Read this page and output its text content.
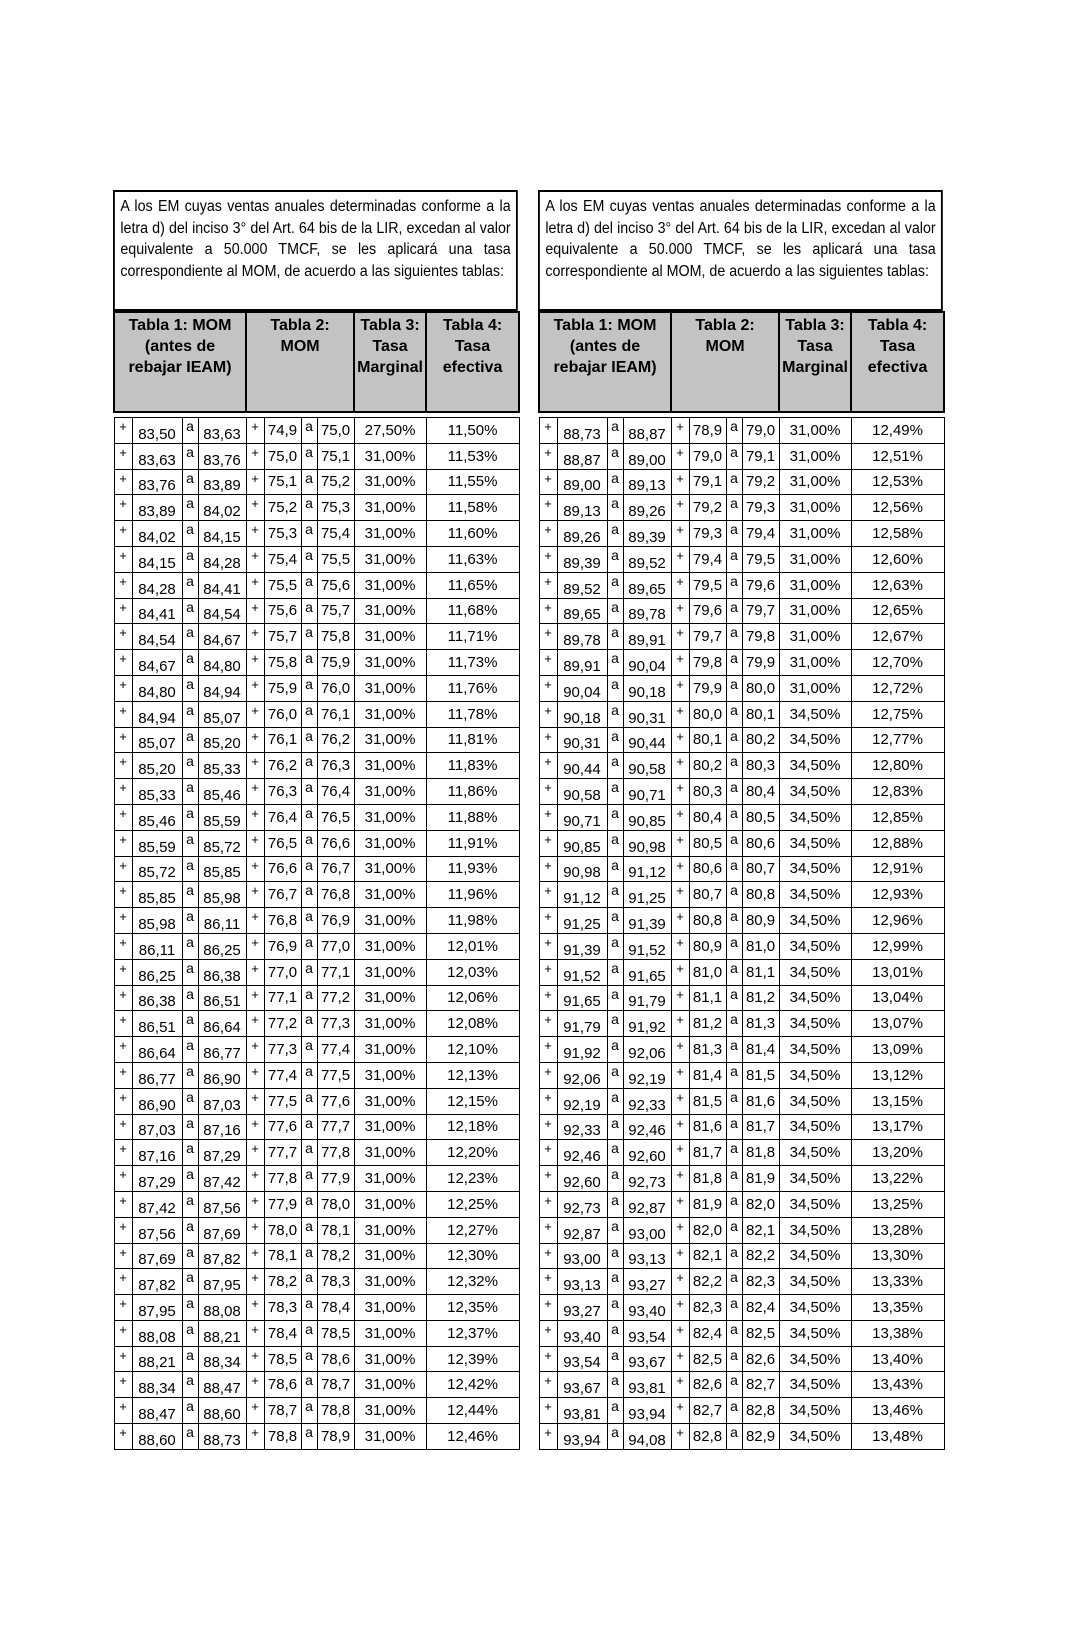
A los EM cuyas ventas anuales determinadas conforme a la letra d) del inciso 3° del Art. 64 bis de la LIR, excedan al valor equivalente a 50.000 TMCF, se les aplicará una tasa correspondiente al MOM, de acuerdo a las siguientes tablas:
Tabla 1: MOM (antes de rebajar IEAM)				Tabla 2: MOM				Tabla 3: Tasa Marginal	Tabla 4: Tasa efectiva

+	83,50	a	83,63	+	74,9	a	75,0	27,50%	11,50%
+	83,63	a	83,76	+	75,0	a	75,1	31,00%	11,53%
+	83,76	a	83,89	+	75,1	a	75,2	31,00%	11,55%
+	83,89	a	84,02	+	75,2	a	75,3	31,00%	11,58%
+	84,02	a	84,15	+	75,3	a	75,4	31,00%	11,60%
+	84,15	a	84,28	+	75,4	a	75,5	31,00%	11,63%
+	84,28	a	84,41	+	75,5	a	75,6	31,00%	11,65%
+	84,41	a	84,54	+	75,6	a	75,7	31,00%	11,68%
+	84,54	a	84,67	+	75,7	a	75,8	31,00%	11,71%
+	84,67	a	84,80	+	75,8	a	75,9	31,00%	11,73%
+	84,80	a	84,94	+	75,9	a	76,0	31,00%	11,76%
+	84,94	a	85,07	+	76,0	a	76,1	31,00%	11,78%
+	85,07	a	85,20	+	76,1	a	76,2	31,00%	11,81%
+	85,20	a	85,33	+	76,2	a	76,3	31,00%	11,83%
+	85,33	a	85,46	+	76,3	a	76,4	31,00%	11,86%
+	85,46	a	85,59	+	76,4	a	76,5	31,00%	11,88%
+	85,59	a	85,72	+	76,5	a	76,6	31,00%	11,91%
+	85,72	a	85,85	+	76,6	a	76,7	31,00%	11,93%
+	85,85	a	85,98	+	76,7	a	76,8	31,00%	11,96%
+	85,98	a	86,11	+	76,8	a	76,9	31,00%	11,98%
+	86,11	a	86,25	+	76,9	a	77,0	31,00%	12,01%
+	86,25	a	86,38	+	77,0	a	77,1	31,00%	12,03%
+	86,38	a	86,51	+	77,1	a	77,2	31,00%	12,06%
+	86,51	a	86,64	+	77,2	a	77,3	31,00%	12,08%
+	86,64	a	86,77	+	77,3	a	77,4	31,00%	12,10%
+	86,77	a	86,90	+	77,4	a	77,5	31,00%	12,13%
+	86,90	a	87,03	+	77,5	a	77,6	31,00%	12,15%
+	87,03	a	87,16	+	77,6	a	77,7	31,00%	12,18%
+	87,16	a	87,29	+	77,7	a	77,8	31,00%	12,20%
+	87,29	a	87,42	+	77,8	a	77,9	31,00%	12,23%
+	87,42	a	87,56	+	77,9	a	78,0	31,00%	12,25%
+	87,56	a	87,69	+	78,0	a	78,1	31,00%	12,27%
+	87,69	a	87,82	+	78,1	a	78,2	31,00%	12,30%
+	87,82	a	87,95	+	78,2	a	78,3	31,00%	12,32%
+	87,95	a	88,08	+	78,3	a	78,4	31,00%	12,35%
+	88,08	a	88,21	+	78,4	a	78,5	31,00%	12,37%
+	88,21	a	88,34	+	78,5	a	78,6	31,00%	12,39%
+	88,34	a	88,47	+	78,6	a	78,7	31,00%	12,42%
+	88,47	a	88,60	+	78,7	a	78,8	31,00%	12,44%
+	88,60	a	88,73	+	78,8	a	78,9	31,00%	12,46%
A los EM cuyas ventas anuales determinadas conforme a la letra d) del inciso 3° del Art. 64 bis de la LIR, excedan al valor equivalente a 50.000 TMCF, se les aplicará una tasa correspondiente al MOM, de acuerdo a las siguientes tablas:
Tabla 1: MOM (antes de rebajar IEAM)				Tabla 2: MOM				Tabla 3: Tasa Marginal	Tabla 4: Tasa efectiva

+	88,73	a	88,87	+	78,9	a	79,0	31,00%	12,49%
+	88,87	a	89,00	+	79,0	a	79,1	31,00%	12,51%
+	89,00	a	89,13	+	79,1	a	79,2	31,00%	12,53%
+	89,13	a	89,26	+	79,2	a	79,3	31,00%	12,56%
+	89,26	a	89,39	+	79,3	a	79,4	31,00%	12,58%
+	89,39	a	89,52	+	79,4	a	79,5	31,00%	12,60%
+	89,52	a	89,65	+	79,5	a	79,6	31,00%	12,63%
+	89,65	a	89,78	+	79,6	a	79,7	31,00%	12,65%
+	89,78	a	89,91	+	79,7	a	79,8	31,00%	12,67%
+	89,91	a	90,04	+	79,8	a	79,9	31,00%	12,70%
+	90,04	a	90,18	+	79,9	a	80,0	31,00%	12,72%
+	90,18	a	90,31	+	80,0	a	80,1	34,50%	12,75%
+	90,31	a	90,44	+	80,1	a	80,2	34,50%	12,77%
+	90,44	a	90,58	+	80,2	a	80,3	34,50%	12,80%
+	90,58	a	90,71	+	80,3	a	80,4	34,50%	12,83%
+	90,71	a	90,85	+	80,4	a	80,5	34,50%	12,85%
+	90,85	a	90,98	+	80,5	a	80,6	34,50%	12,88%
+	90,98	a	91,12	+	80,6	a	80,7	34,50%	12,91%
+	91,12	a	91,25	+	80,7	a	80,8	34,50%	12,93%
+	91,25	a	91,39	+	80,8	a	80,9	34,50%	12,96%
+	91,39	a	91,52	+	80,9	a	81,0	34,50%	12,99%
+	91,52	a	91,65	+	81,0	a	81,1	34,50%	13,01%
+	91,65	a	91,79	+	81,1	a	81,2	34,50%	13,04%
+	91,79	a	91,92	+	81,2	a	81,3	34,50%	13,07%
+	91,92	a	92,06	+	81,3	a	81,4	34,50%	13,09%
+	92,06	a	92,19	+	81,4	a	81,5	34,50%	13,12%
+	92,19	a	92,33	+	81,5	a	81,6	34,50%	13,15%
+	92,33	a	92,46	+	81,6	a	81,7	34,50%	13,17%
+	92,46	a	92,60	+	81,7	a	81,8	34,50%	13,20%
+	92,60	a	92,73	+	81,8	a	81,9	34,50%	13,22%
+	92,73	a	92,87	+	81,9	a	82,0	34,50%	13,25%
+	92,87	a	93,00	+	82,0	a	82,1	34,50%	13,28%
+	93,00	a	93,13	+	82,1	a	82,2	34,50%	13,30%
+	93,13	a	93,27	+	82,2	a	82,3	34,50%	13,33%
+	93,27	a	93,40	+	82,3	a	82,4	34,50%	13,35%
+	93,40	a	93,54	+	82,4	a	82,5	34,50%	13,38%
+	93,54	a	93,67	+	82,5	a	82,6	34,50%	13,40%
+	93,67	a	93,81	+	82,6	a	82,7	34,50%	13,43%
+	93,81	a	93,94	+	82,7	a	82,8	34,50%	13,46%
+	93,94	a	94,08	+	82,8	a	82,9	34,50%	13,48%
